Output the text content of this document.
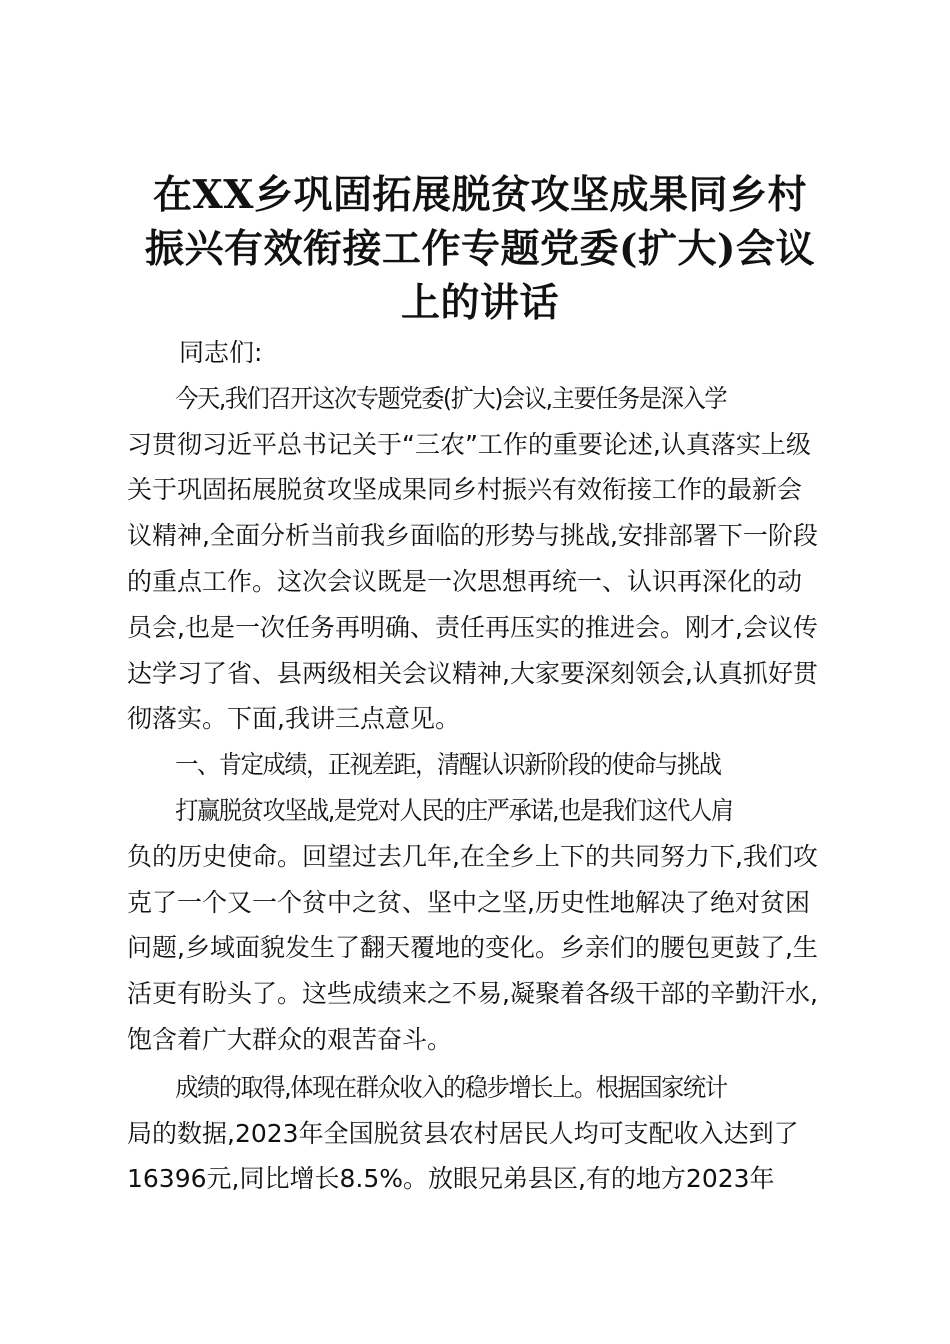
在XX乡巩固拓展脱贫攻坚成果同乡村
振兴有效衔接工作专题党委(扩大)会议
上的讲话

同志们:

今天,我们召开这次专题党委(扩大)会议,主要任务是深入学
习贯彻习近平总书记关于“三农”工作的重要论述,认真落实上级
关于巩固拓展脱贫攻坚成果同乡村振兴有效衔接工作的最新会
议精神,全面分析当前我乡面临的形势与挑战,安排部署下一阶段
的重点工作。这次会议既是一次思想再统一、认识再深化的动
员会,也是一次任务再明确、责任再压实的推进会。刚才,会议传
达学习了省、县两级相关会议精神,大家要深刻领会,认真抓好贯
彻落实。下面,我讲三点意见。

一、肯定成绩，正视差距，清醒认识新阶段的使命与挑战

打赢脱贫攻坚战,是党对人民的庄严承诺,也是我们这代人肩
负的历史使命。回望过去几年,在全乡上下的共同努力下,我们攻
克了一个又一个贫中之贫、坚中之坚,历史性地解决了绝对贫困
问题,乡域面貌发生了翻天覆地的变化。乡亲们的腰包更鼓了,生
活更有盼头了。这些成绩来之不易,凝聚着各级干部的辛勤汗水,
饱含着广大群众的艰苦奋斗。

成绩的取得,体现在群众收入的稳步增长上。根据国家统计
局的数据,2023年全国脱贫县农村居民人均可支配收入达到了
16396元,同比增长8.5%。放眼兄弟县区,有的地方2023年
